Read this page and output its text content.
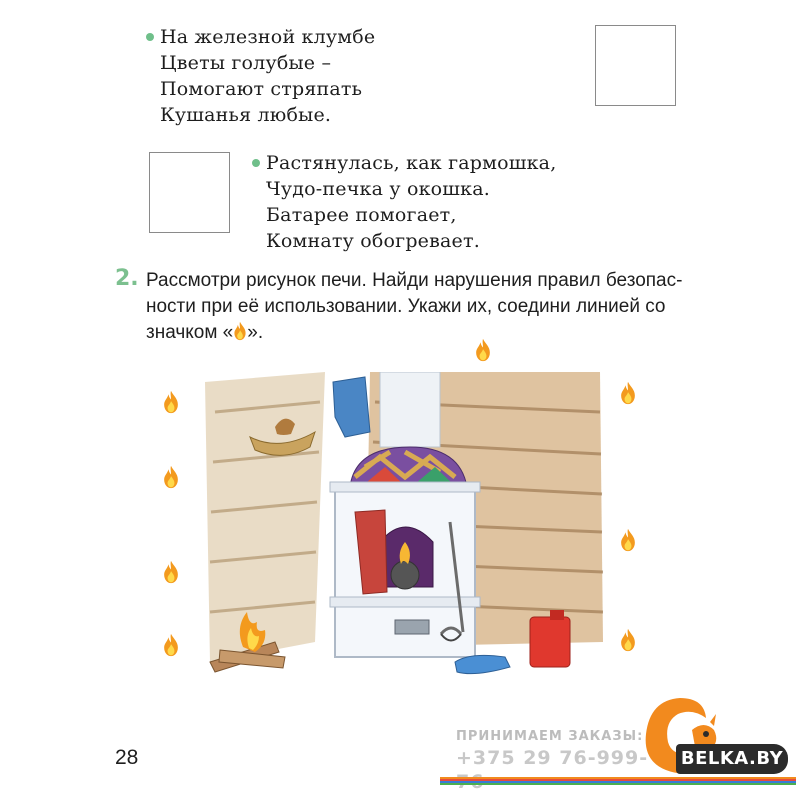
На железной клумбе
Цветы голубые –
Помогают стряпать
Кушанья любые.
Растянулась, как гармошка,
Чудо-печка у окошка.
Батарее помогает,
Комнату обогревает.
2. Рассмотри рисунок печи. Найди нарушения правил безопас-
ности при её использовании. Укажи их, соедини линией со
значком « ».
28
ПРИНИМАЕМ ЗАКАЗЫ:
+375 29 76-999- BELKA.BY
